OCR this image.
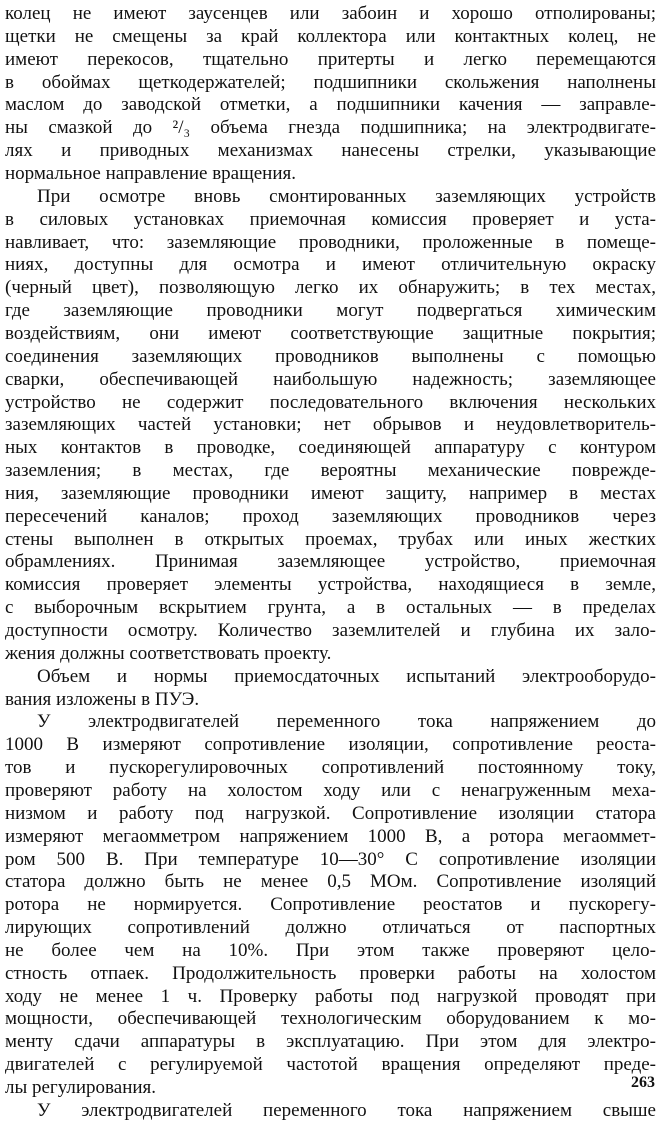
колец не имеют заусенцев или забоин и хорошо отполированы;
щетки не смещены за край коллектора или контактных колец, не
имеют перекосов, тщательно притерты и легко перемещаются
в обоймах щеткодержателей; подшипники скольжения наполнены
маслом до заводской отметки, а подшипники качения — заправле-
ны смазкой до ²/₃ объема гнезда подшипника; на электродвигате-
лях и приводных механизмах нанесены стрелки, указывающие
нормальное направление вращения.
При осмотре вновь смонтированных заземляющих устройств
в силовых установках приемочная комиссия проверяет и уста-
навливает, что: заземляющие проводники, проложенные в помеще-
ниях, доступны для осмотра и имеют отличительную окраску
(черный цвет), позволяющую легко их обнаружить; в тех местах,
где заземляющие проводники могут подвергаться химическим
воздействиям, они имеют соответствующие защитные покрытия;
соединения заземляющих проводников выполнены с помощью
сварки, обеспечивающей наибольшую надежность; заземляющее
устройство не содержит последовательного включения нескольких
заземляющих частей установки; нет обрывов и неудовлетворитель-
ных контактов в проводке, соединяющей аппаратуру с контуром
заземления; в местах, где вероятны механические поврежде-
ния, заземляющие проводники имеют защиту, например в местах
пересечений каналов; проход заземляющих проводников через
стены выполнен в открытых проемах, трубах или иных жестких
обрамлениях. Принимая заземляющее устройство, приемочная
комиссия проверяет элементы устройства, находящиеся в земле,
с выборочным вскрытием грунта, а в остальных — в пределах
доступности осмотру. Количество заземлителей и глубина их зало-
жения должны соответствовать проекту.
Объем и нормы приемосдаточных испытаний электрооборудо-
вания изложены в ПУЭ.
У электродвигателей переменного тока напряжением до
1000 В измеряют сопротивление изоляции, сопротивление реоста-
тов и пускорегулировочных сопротивлений постоянному току,
проверяют работу на холостом ходу или с ненагруженным меха-
низмом и работу под нагрузкой. Сопротивление изоляции статора
измеряют мегаомметром напряжением 1000 В, а ротора мегаоммет-
ром 500 В. При температуре 10—30° С сопротивление изоляции
статора должно быть не менее 0,5 МОм. Сопротивление изоляций
ротора не нормируется. Сопротивление реостатов и пускорегу-
лирующих сопротивлений должно отличаться от паспортных
не более чем на 10%. При этом также проверяют цело-
стность отпаек. Продолжительность проверки работы на холостом
ходу не менее 1 ч. Проверку работы под нагрузкой проводят при
мощности, обеспечивающей технологическим оборудованием к мо-
менту сдачи аппаратуры в эксплуатацию. При этом для электро-
двигателей с регулируемой частотой вращения определяют преде-
лы регулирования.
У электродвигателей переменного тока напряжением свыше
263
